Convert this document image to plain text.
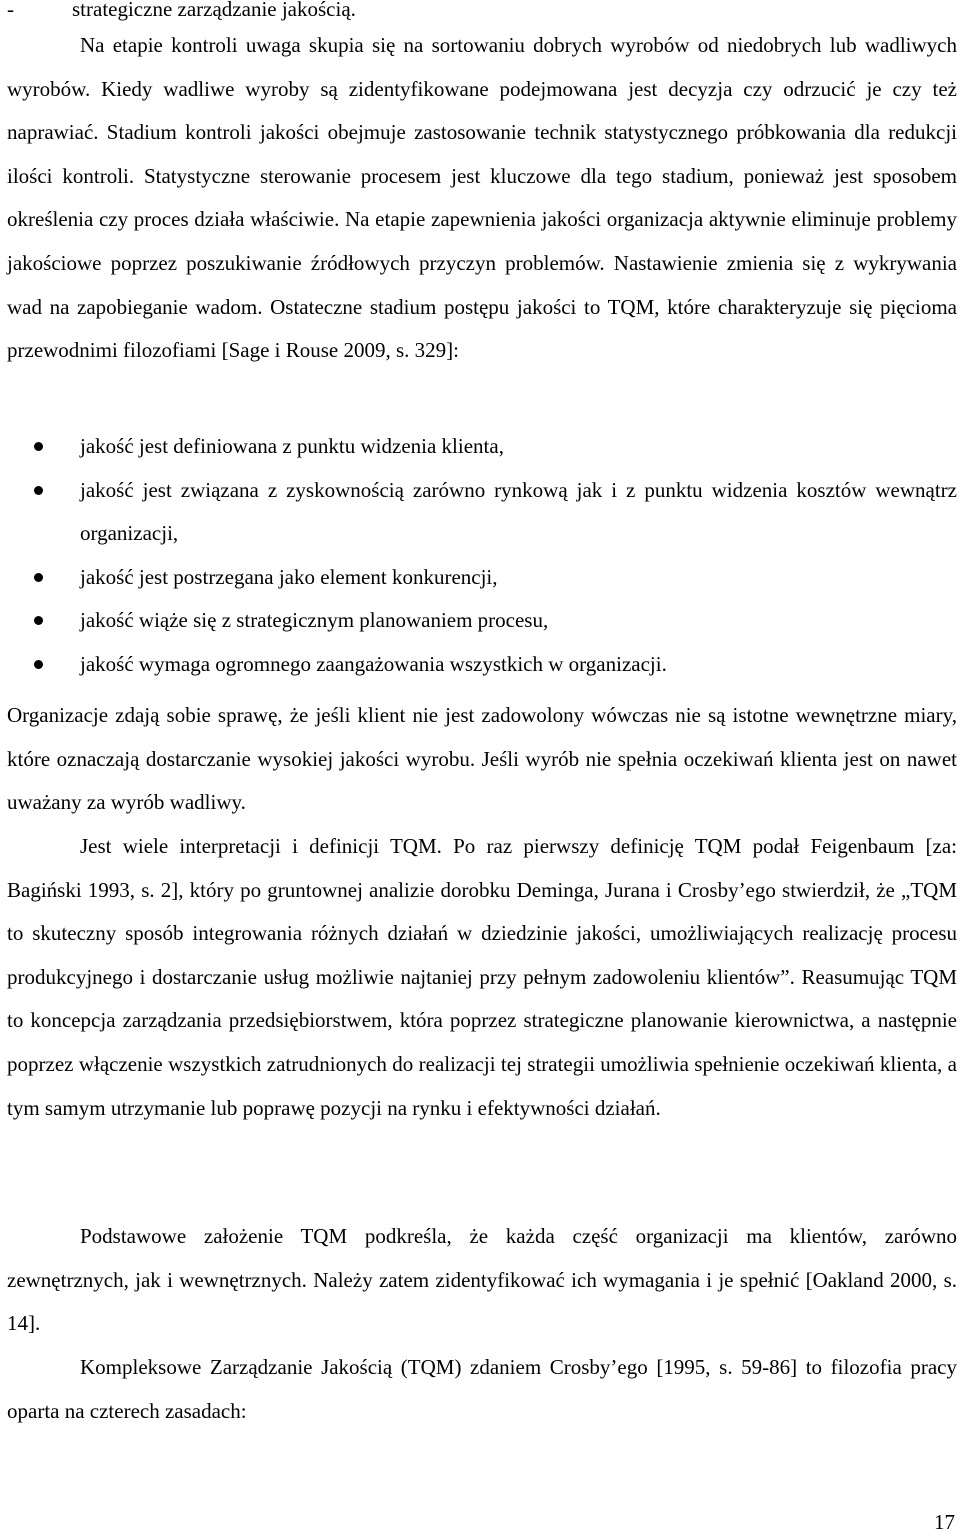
-	strategiczne zarządzanie jakością.

Na etapie kontroli uwaga skupia się na sortowaniu dobrych wyrobów od niedobrych lub wadliwych wyrobów. Kiedy wadliwe wyroby są zidentyfikowane podejmowana jest decyzja czy odrzucić je czy też naprawiać. Stadium kontroli jakości obejmuje zastosowanie technik statystycznego próbkowania dla redukcji ilości kontroli. Statystyczne sterowanie procesem jest kluczowe dla tego stadium, ponieważ jest sposobem określenia czy proces działa właściwie. Na etapie zapewnienia jakości organizacja aktywnie eliminuje problemy jakościowe poprzez poszukiwanie źródłowych przyczyn problemów. Nastawienie zmienia się z wykrywania wad na zapobieganie wadom. Ostateczne stadium postępu jakości to TQM, które charakteryzuje się pięcioma przewodnimi filozofiami [Sage i Rouse 2009, s. 329]:

jakość jest definiowana z punktu widzenia klienta,
jakość jest związana z zyskownością zarówno rynkową jak i z punktu widzenia kosztów wewnątrz organizacji,
jakość jest postrzegana jako element konkurencji,
jakość wiąże się z strategicznym planowaniem procesu,
jakość wymaga ogromnego zaangażowania wszystkich w organizacji.

Organizacje zdają sobie sprawę, że jeśli klient nie jest zadowolony wówczas nie są istotne wewnętrzne miary, które oznaczają dostarczanie wysokiej jakości wyrobu. Jeśli wyrób nie spełnia oczekiwań klienta jest on nawet uważany za wyrób wadliwy.

Jest wiele interpretacji i definicji TQM. Po raz pierwszy definicję TQM podał Feigenbaum [za: Bagiński 1993, s. 2], który po gruntownej analizie dorobku Deminga, Jurana i Crosby’ego stwierdził, że „TQM to skuteczny sposób integrowania różnych działań w dziedzinie jakości, umożliwiających realizację procesu produkcyjnego i dostarczanie usług możliwie najtaniej przy pełnym zadowoleniu klientów”. Reasumując TQM to koncepcja zarządzania przedsiębiorstwem, która poprzez strategiczne planowanie kierownictwa, a następnie poprzez włączenie wszystkich zatrudnionych do realizacji tej strategii umożliwia spełnienie oczekiwań klienta, a tym samym utrzymanie lub poprawę pozycji na rynku i efektywności działań.

Podstawowe założenie TQM podkreśla, że każda część organizacji ma klientów, zarówno zewnętrznych, jak i wewnętrznych. Należy zatem zidentyfikować ich wymagania i je spełnić [Oakland 2000, s. 14].

Kompleksowe Zarządzanie Jakością (TQM) zdaniem Crosby’ego [1995, s. 59-86] to filozofia pracy oparta na czterech zasadach:

17
